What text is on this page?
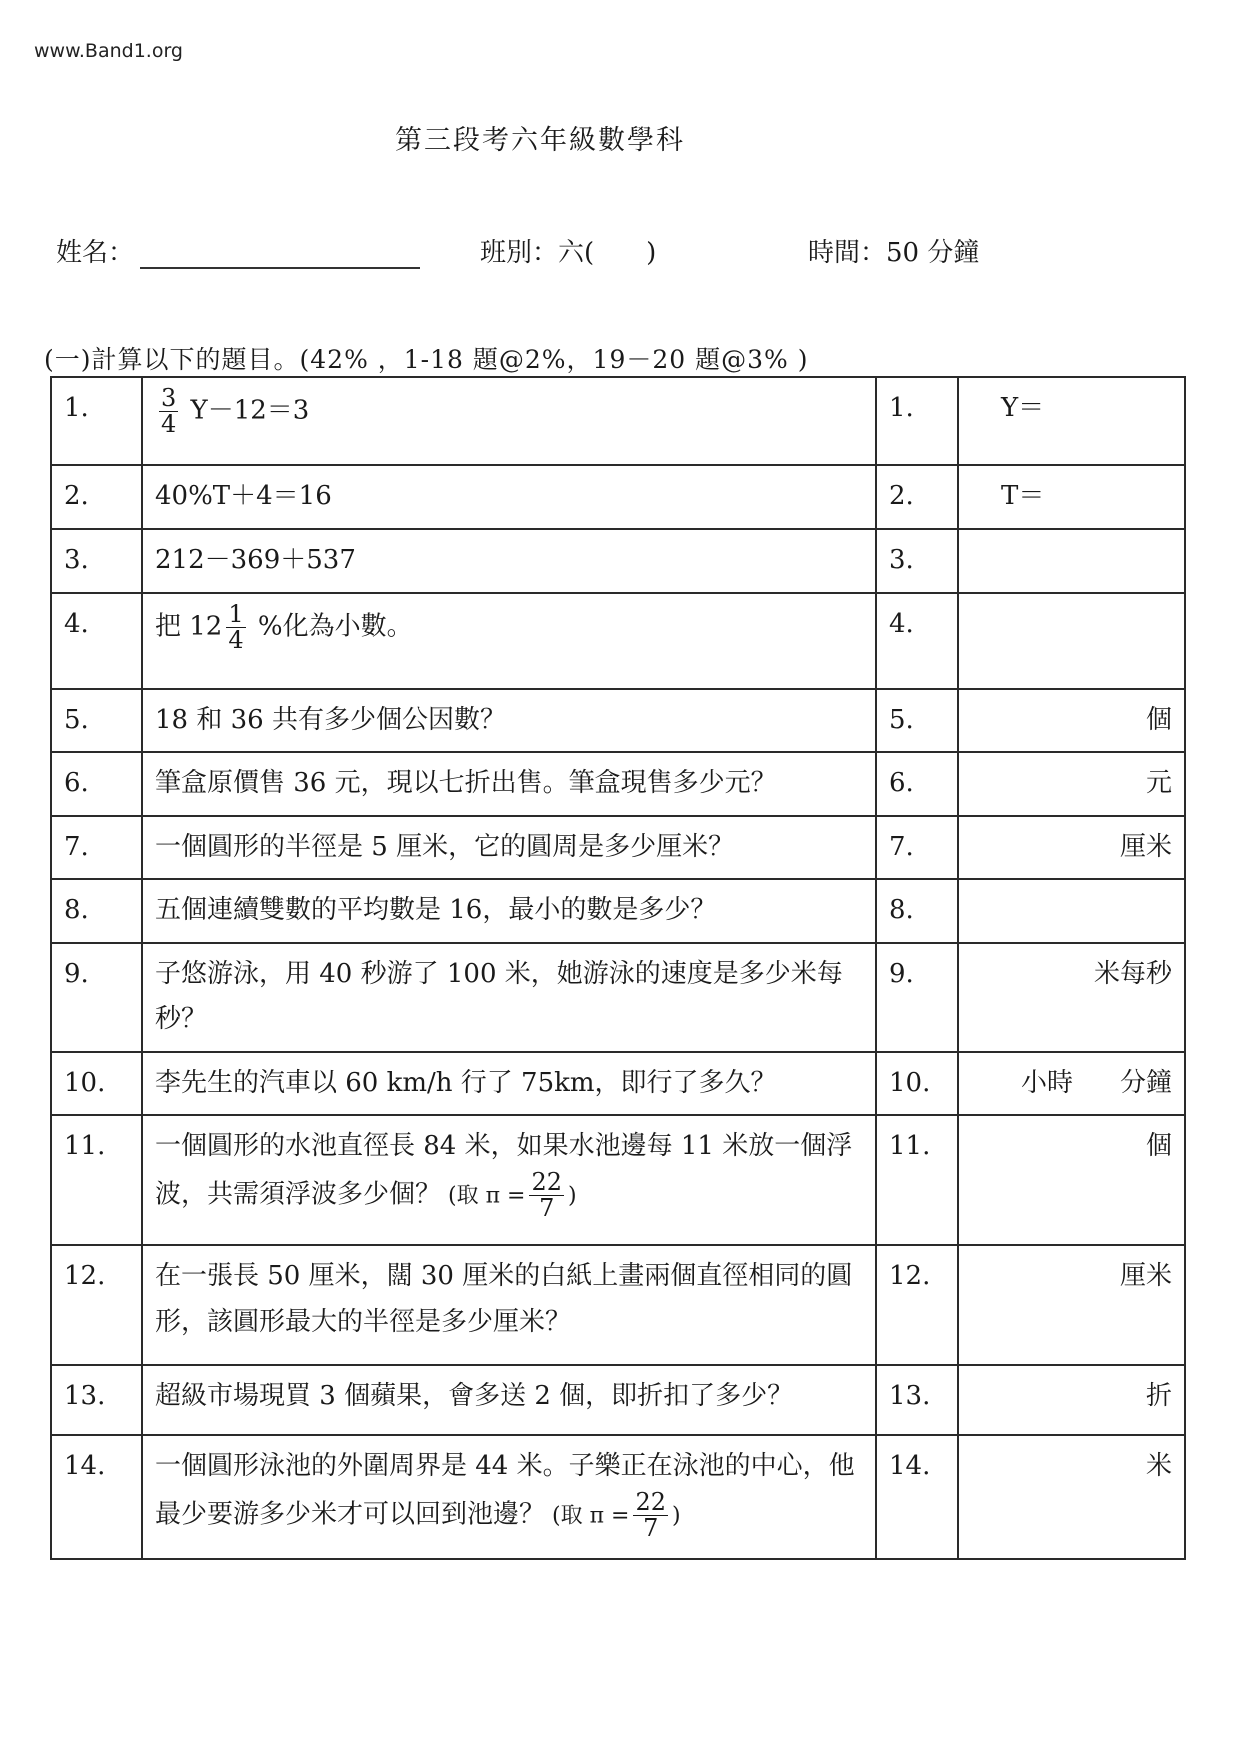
www.Band1.org
第三段考六年級數學科
姓名：	班別：六(　　)	時間：50 分鐘
(一)計算以下的題目。(42% ，1-18 題@2%，19－20 題@3% )
1.	$\frac{3}{4} Y-12=3$	1.	Y＝

2.	40%T＋4＝16	2.	T＝

3.	212－369＋537	3.	
4.	把 $12 \frac{1}{4}$ %化為小數。	4.	
5.	18 和 36 共有多少個公因數？	5.	個

6.	筆盒原價售 36 元，現以七折出售。筆盒現售多少元？	6.	元

7.	一個圓形的半徑是 5 厘米，它的圓周是多少厘米？	7.	厘米

8.	五個連續雙數的平均數是 16，最小的數是多少？	8.	
9.	子悠游泳，用 40 秒游了 100 米，她游泳的速度是多少米每秒？	9.	米每秒

10.	李先生的汽車以 60 km/h 行了 75km，即行了多久？	10.	小時 分鐘

11.	一個圓形的水池直徑長 84 米，如果水池邊每 11 米放一個浮波，共需須浮波多少個？ (取 $\pi = \frac{22}{7}$ )	11.	個

12.	在一張長 50 厘米，闊 30 厘米的白紙上畫兩個直徑相同的圓形，該圓形最大的半徑是多少厘米？	12.	厘米

13.	超級市場現買 3 個蘋果，會多送 2 個，即折扣了多少？	13.	折

14.	一個圓形泳池的外圍周界是 44 米。子樂正在泳池的中心，他最少要游多少米才可以回到池邊？ (取 $\pi = \frac{22}{7}$ )	14.	米
